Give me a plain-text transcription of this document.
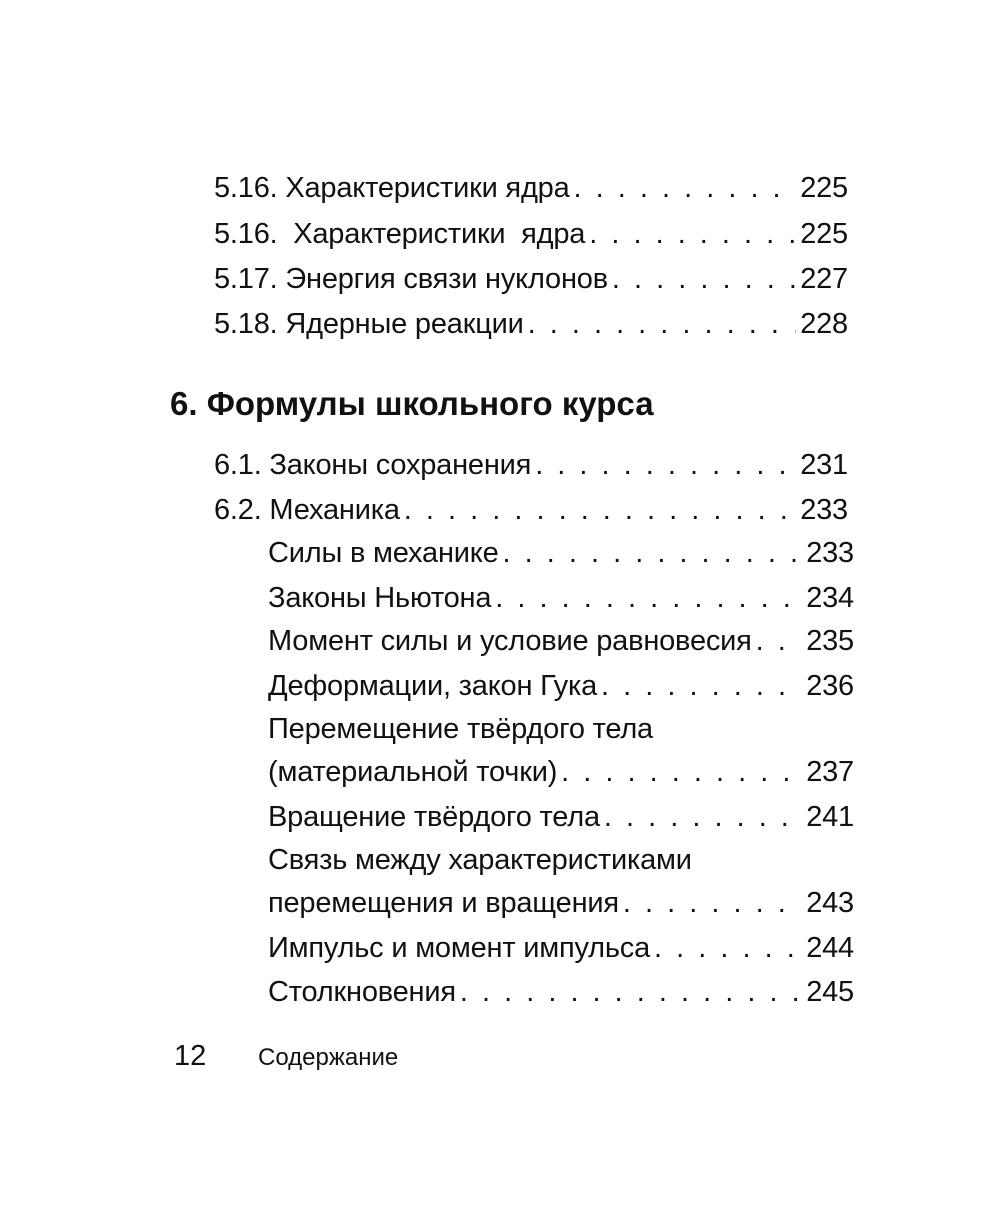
5.16. Характеристики ядра . . .	225
5.16.  Характеристики  ядра . . .	225
5.17. Энергия связи нуклонов . . .	227
5.18. Ядерные реакции . . .	228
6. Формулы школьного курса
6.1. Законы сохранения . . .	231
6.2. Механика . . .	233
Силы в механике . . .	233
Законы Ньютона . . .	234
Момент силы и условие равновесия . . . 235
Деформации, закон Гука . . .	236
Перемещение твёрдого тела
(материальной точки) . . .	237
Вращение твёрдого тела . . .	241
Связь между характеристиками
перемещения и вращения . . .	243
Импульс и момент импульса . . .	244
Столкновения . . .	245
12 Содержание
